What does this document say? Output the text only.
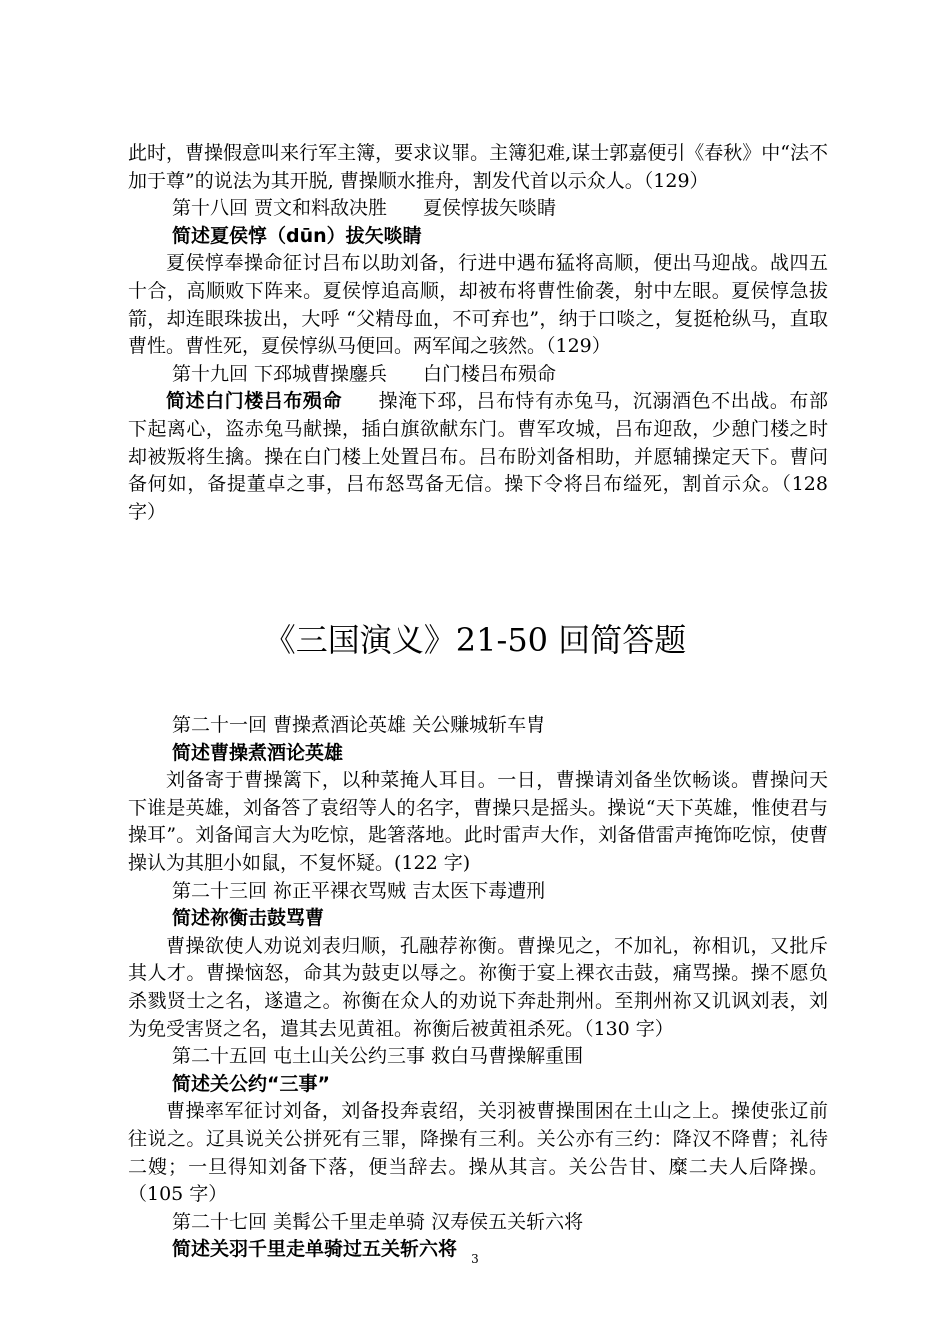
此时，曹操假意叫来行军主簿，要求议罪。主簿犯难,谋士郭嘉便引《春秋》中“法不加于尊”的说法为其开脱, 曹操顺水推舟，割发代首以示众人。（129）

第十八回 贾文和料敌决胜 夏侯惇拔矢啖睛

简述夏侯惇（dūn）拔矢啖睛

夏侯惇奉操命征讨吕布以助刘备，行进中遇布猛将高顺，便出马迎战。战四五十合，高顺败下阵来。夏侯惇追高顺，却被布将曹性偷袭，射中左眼。夏侯惇急拔箭，却连眼珠拔出，大呼 “父精母血，不可弃也”，纳于口啖之，复挺枪纵马，直取曹性。曹性死，夏侯惇纵马便回。两军闻之骇然。（129）

第十九回 下邳城曹操鏖兵 白门楼吕布殒命

简述白门楼吕布殒命 操淹下邳，吕布恃有赤兔马，沉溺酒色不出战。布部下起离心，盗赤兔马献操，插白旗欲献东门。曹军攻城，吕布迎敌，少憩门楼之时却被叛将生擒。操在白门楼上处置吕布。吕布盼刘备相助，并愿辅操定天下。曹问备何如，备提董卓之事，吕布怒骂备无信。操下令将吕布缢死，割首示众。（128 字）

《三国演义》21-50 回简答题

第二十一回 曹操煮酒论英雄 关公赚城斩车胄

简述曹操煮酒论英雄

刘备寄于曹操篱下，以种菜掩人耳目。一日，曹操请刘备坐饮畅谈。曹操问天下谁是英雄，刘备答了袁绍等人的名字，曹操只是摇头。操说“天下英雄，惟使君与操耳”。刘备闻言大为吃惊，匙箸落地。此时雷声大作，刘备借雷声掩饰吃惊，使曹操认为其胆小如鼠，不复怀疑。(122 字)

第二十三回 祢正平裸衣骂贼 吉太医下毒遭刑

简述祢衡击鼓骂曹

曹操欲使人劝说刘表归顺，孔融荐祢衡。曹操见之，不加礼，祢相讥，又批斥其人才。曹操恼怒，命其为鼓吏以辱之。祢衡于宴上裸衣击鼓，痛骂操。操不愿负杀戮贤士之名，遂遣之。祢衡在众人的劝说下奔赴荆州。至荆州祢又讥讽刘表，刘为免受害贤之名，遣其去见黄祖。祢衡后被黄祖杀死。（130 字）

第二十五回 屯土山关公约三事 救白马曹操解重围

简述关公约“三事”

曹操率军征讨刘备，刘备投奔袁绍，关羽被曹操围困在土山之上。操使张辽前往说之。辽具说关公拼死有三罪，降操有三利。关公亦有三约：降汉不降曹；礼待二嫂；一旦得知刘备下落，便当辞去。操从其言。关公告甘、糜二夫人后降操。（105 字）

第二十七回 美髯公千里走单骑 汉寿侯五关斩六将

简述关羽千里走单骑过五关斩六将	3
